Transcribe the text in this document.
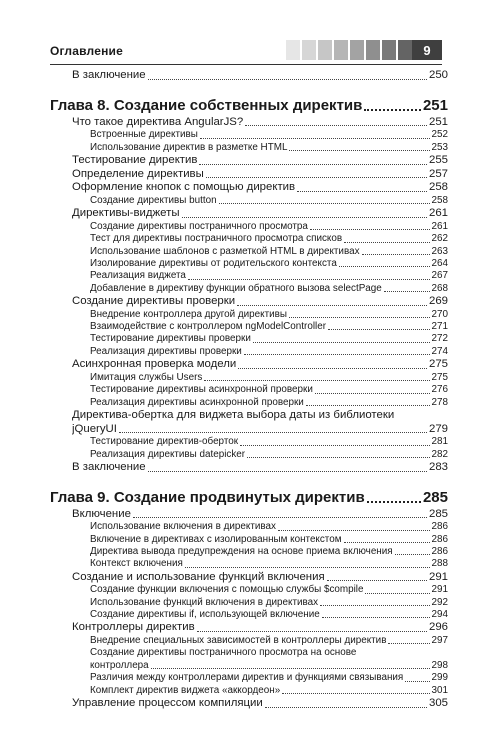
Оглавление	9
В заключение	250
Глава 8. Создание собственных директив	251
Что такое директива AngularJS?	251
Встроенные директивы	252
Использование директив в разметке HTML	253
Тестирование директив	255
Определение директивы	257
Оформление кнопок с помощью директив	258
Создание директивы button	258
Директивы-виджеты	261
Создание директивы постраничного просмотра	261
Тест для директивы постраничного просмотра списков	262
Использование шаблонов с разметкой HTML в директивах	263
Изолирование директивы от родительского контекста	264
Реализация виджета	267
Добавление в директиву функции обратного вызова selectPage	268
Создание директивы проверки	269
Внедрение контроллера другой директивы	270
Взаимодействие с контроллером ngModelController	271
Тестирование директивы проверки	272
Реализация директивы проверки	274
Асинхронная проверка модели	275
Имитация службы Users	275
Тестирование директивы асинхронной проверки	276
Реализация директивы асинхронной проверки	278
Директива-обертка для виджета выбора даты из библиотеки
jQueryUI	279
Тестирование директив-оберток	281
Реализация директивы datepicker	282
В заключение	283
Глава 9. Создание продвинутых директив	285
Включение	285
Использование включения в директивах	286
Включение в директивах с изолированным контекстом	286
Директива вывода предупреждения на основе приема включения	286
Контекст включения	288
Создание и использование функций включения	291
Создание функции включения с помощью службы $compile	291
Использование функций включения в директивах	292
Создание директивы if, использующей включение	294
Контроллеры директив	296
Внедрение специальных зависимостей в контроллеры директив	297
Создание директивы постраничного просмотра на основе
контроллера	298
Различия между контроллерами директив и функциями связывания	299
Комплект директив виджета «аккордеон»	301
Управление процессом компиляции	305
